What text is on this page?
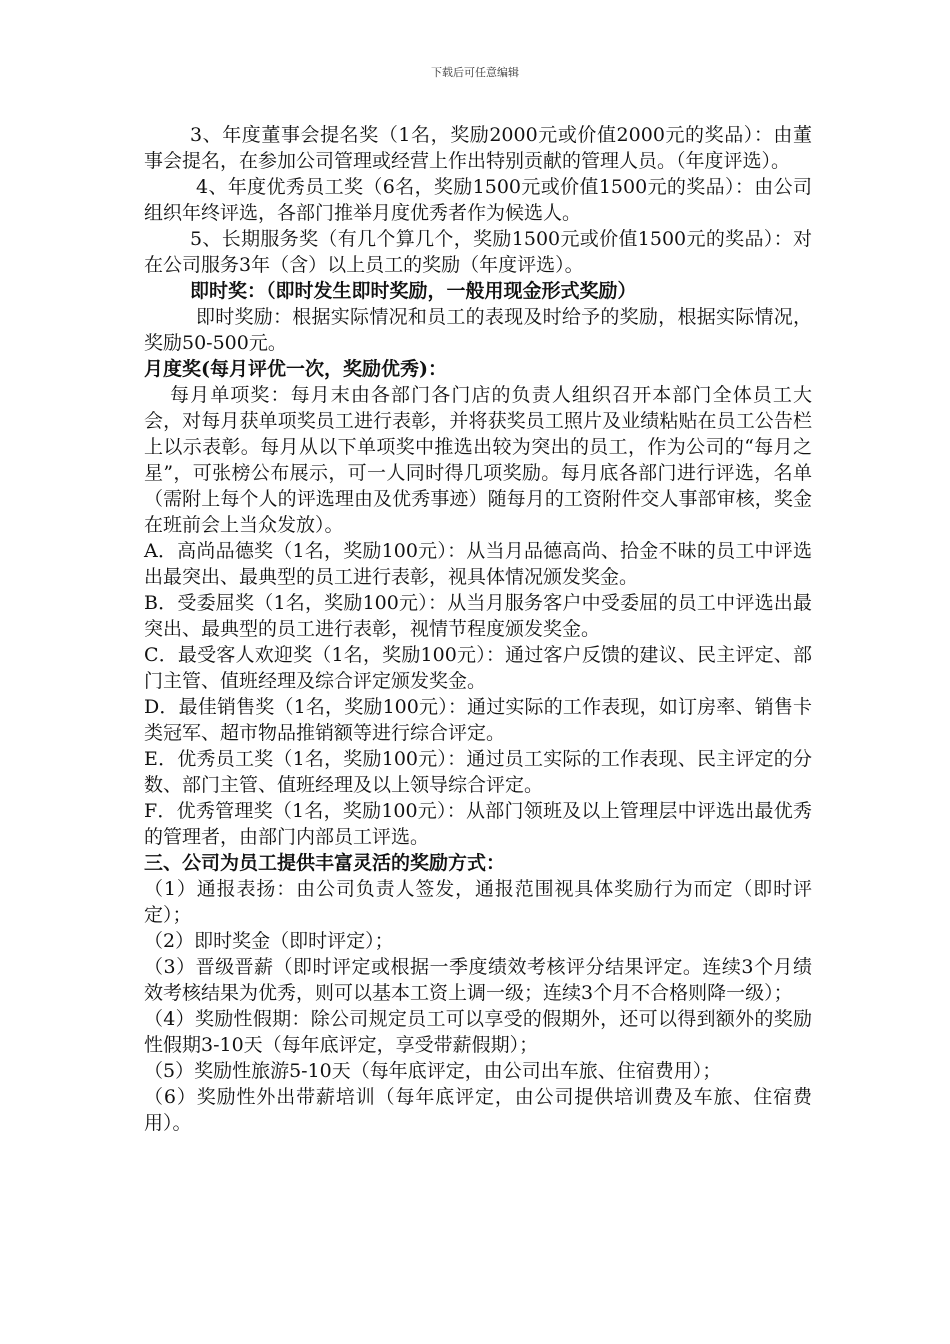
下载后可任意编辑

3、年度董事会提名奖（1名，奖励2000元或价值2000元的奖品）：由董事会提名，在参加公司管理或经营上作出特别贡献的管理人员。（年度评选）。

4、年度优秀员工奖（6名，奖励1500元或价值1500元的奖品）：由公司组织年终评选，各部门推举月度优秀者作为候选人。

5、长期服务奖（有几个算几个，奖励1500元或价值1500元的奖品）：对在公司服务3年（含）以上员工的奖励（年度评选）。

即时奖：（即时发生即时奖励，一般用现金形式奖励）

即时奖励：根据实际情况和员工的表现及时给予的奖励，根据实际情况，奖励50-500元。

月度奖(每月评优一次，奖励优秀)：

每月单项奖：每月末由各部门各门店的负责人组织召开本部门全体员工大会，对每月获单项奖员工进行表彰，并将获奖员工照片及业绩粘贴在员工公告栏上以示表彰。每月从以下单项奖中推选出较为突出的员工，作为公司的“每月之星”，可张榜公布展示，可一人同时得几项奖励。每月底各部门进行评选，名单（需附上每个人的评选理由及优秀事迹）随每月的工资附件交人事部审核，奖金在班前会上当众发放）。

A．高尚品德奖（1名，奖励100元）：从当月品德高尚、拾金不昧的员工中评选出最突出、最典型的员工进行表彰，视具体情况颁发奖金。

B．受委屈奖（1名，奖励100元）：从当月服务客户中受委屈的员工中评选出最突出、最典型的员工进行表彰，视情节程度颁发奖金。

C．最受客人欢迎奖（1名，奖励100元）：通过客户反馈的建议、民主评定、部门主管、值班经理及综合评定颁发奖金。

D．最佳销售奖（1名，奖励100元）：通过实际的工作表现，如订房率、销售卡类冠军、超市物品推销额等进行综合评定。

E．优秀员工奖（1名，奖励100元）：通过员工实际的工作表现、民主评定的分数、部门主管、值班经理及以上领导综合评定。

F．优秀管理奖（1名，奖励100元）：从部门领班及以上管理层中评选出最优秀的管理者，由部门内部员工评选。

三、公司为员工提供丰富灵活的奖励方式：

（1）通报表扬：由公司负责人签发，通报范围视具体奖励行为而定（即时评定）；

（2）即时奖金（即时评定）；

（3）晋级晋薪（即时评定或根据一季度绩效考核评分结果评定。连续3个月绩效考核结果为优秀，则可以基本工资上调一级；连续3个月不合格则降一级）；

（4）奖励性假期：除公司规定员工可以享受的假期外，还可以得到额外的奖励性假期3-10天（每年底评定，享受带薪假期）；

（5）奖励性旅游5-10天（每年底评定，由公司出车旅、住宿费用）；

（6）奖励性外出带薪培训（每年底评定，由公司提供培训费及车旅、住宿费用）。
